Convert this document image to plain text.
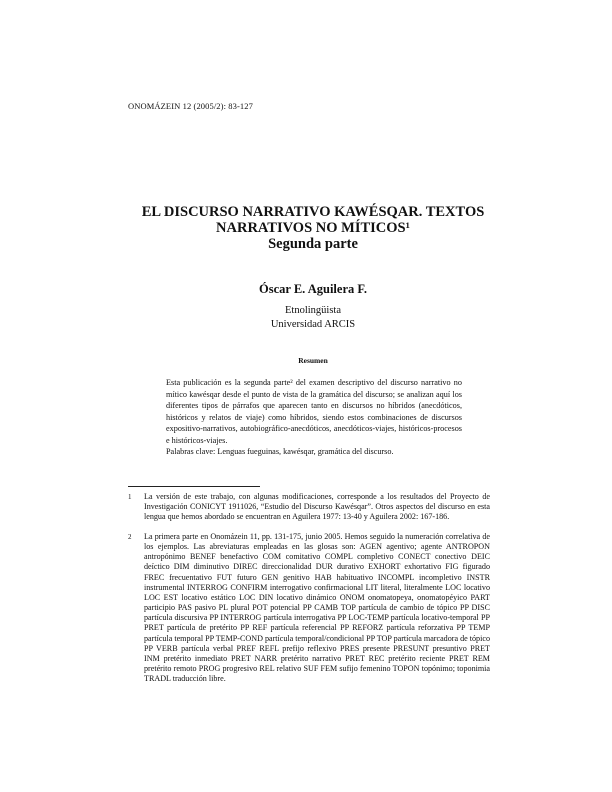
ONOMÁZEIN 12 (2005/2): 83-127
EL DISCURSO NARRATIVO KAWÉSQAR. TEXTOS
NARRATIVOS NO MÍTICOS¹
Segunda parte
Óscar E. Aguilera F.
Etnolingüista
Universidad ARCIS
Resumen
Esta publicación es la segunda parte² del examen descriptivo del discurso narrativo no mítico kawésqar desde el punto de vista de la gramática del discurso; se analizan aquí los diferentes tipos de párrafos que aparecen tanto en discursos no híbridos (anecdóticos, históricos y relatos de viaje) como híbridos, siendo estos combinaciones de discursos expositivo-narrativos, autobiográfico-anecdóticos, anecdóticos-viajes, históricos-procesos e históricos-viajes.
Palabras clave: Lenguas fueguinas, kawésqar, gramática del discurso.
1 La versión de este trabajo, con algunas modificaciones, corresponde a los resultados del Proyecto de Investigación CONICYT 1911026, “Estudio del Discurso Kawésqar”. Otros aspectos del discurso en esta lengua que hemos abordado se encuentran en Aguilera 1977: 13-40 y Aguilera 2002: 167-186.
2 La primera parte en Onomázein 11, pp. 131-175, junio 2005. Hemos seguido la numeración correlativa de los ejemplos. Las abreviaturas empleadas en las glosas son: AGEN agentivo; agente ANTROPON antropónimo BENEF benefactivo COM comitativo COMPL completivo CONECT conectivo DEIC deíctico DIM diminutivo DIREC direccionalidad DUR durativo EXHORT exhortativo FIG figurado FREC frecuentativo FUT futuro GEN genitivo HAB habituativo INCOMPL incompletivo INSTR instrumental INTERROG CONFIRM interrogativo confirmacional LIT literal, literalmente LOC locativo LOC EST locativo estático LOC DIN locativo dinámico ONOM onomatopeya, onomatopéyico PART participio PAS pasivo PL plural POT potencial PP CAMB TOP partícula de cambio de tópico PP DISC partícula discursiva PP INTERROG partícula interrogativa PP LOC-TEMP partícula locativo-temporal PP PRET partícula de pretérito PP REF partícula referencial PP REFORZ partícula reforzativa PP TEMP partícula temporal PP TEMP-COND partícula temporal/condicional PP TOP partícula marcadora de tópico PP VERB partícula verbal PREF REFL prefijo reflexivo PRES presente PRESUNT presuntivo PRET INM pretérito inmediato PRET NARR pretérito narrativo PRET REC pretérito reciente PRET REM pretérito remoto PROG progresivo REL relativo SUF FEM sufijo femenino TOPON topónimo; toponimia TRADL traducción libre.
